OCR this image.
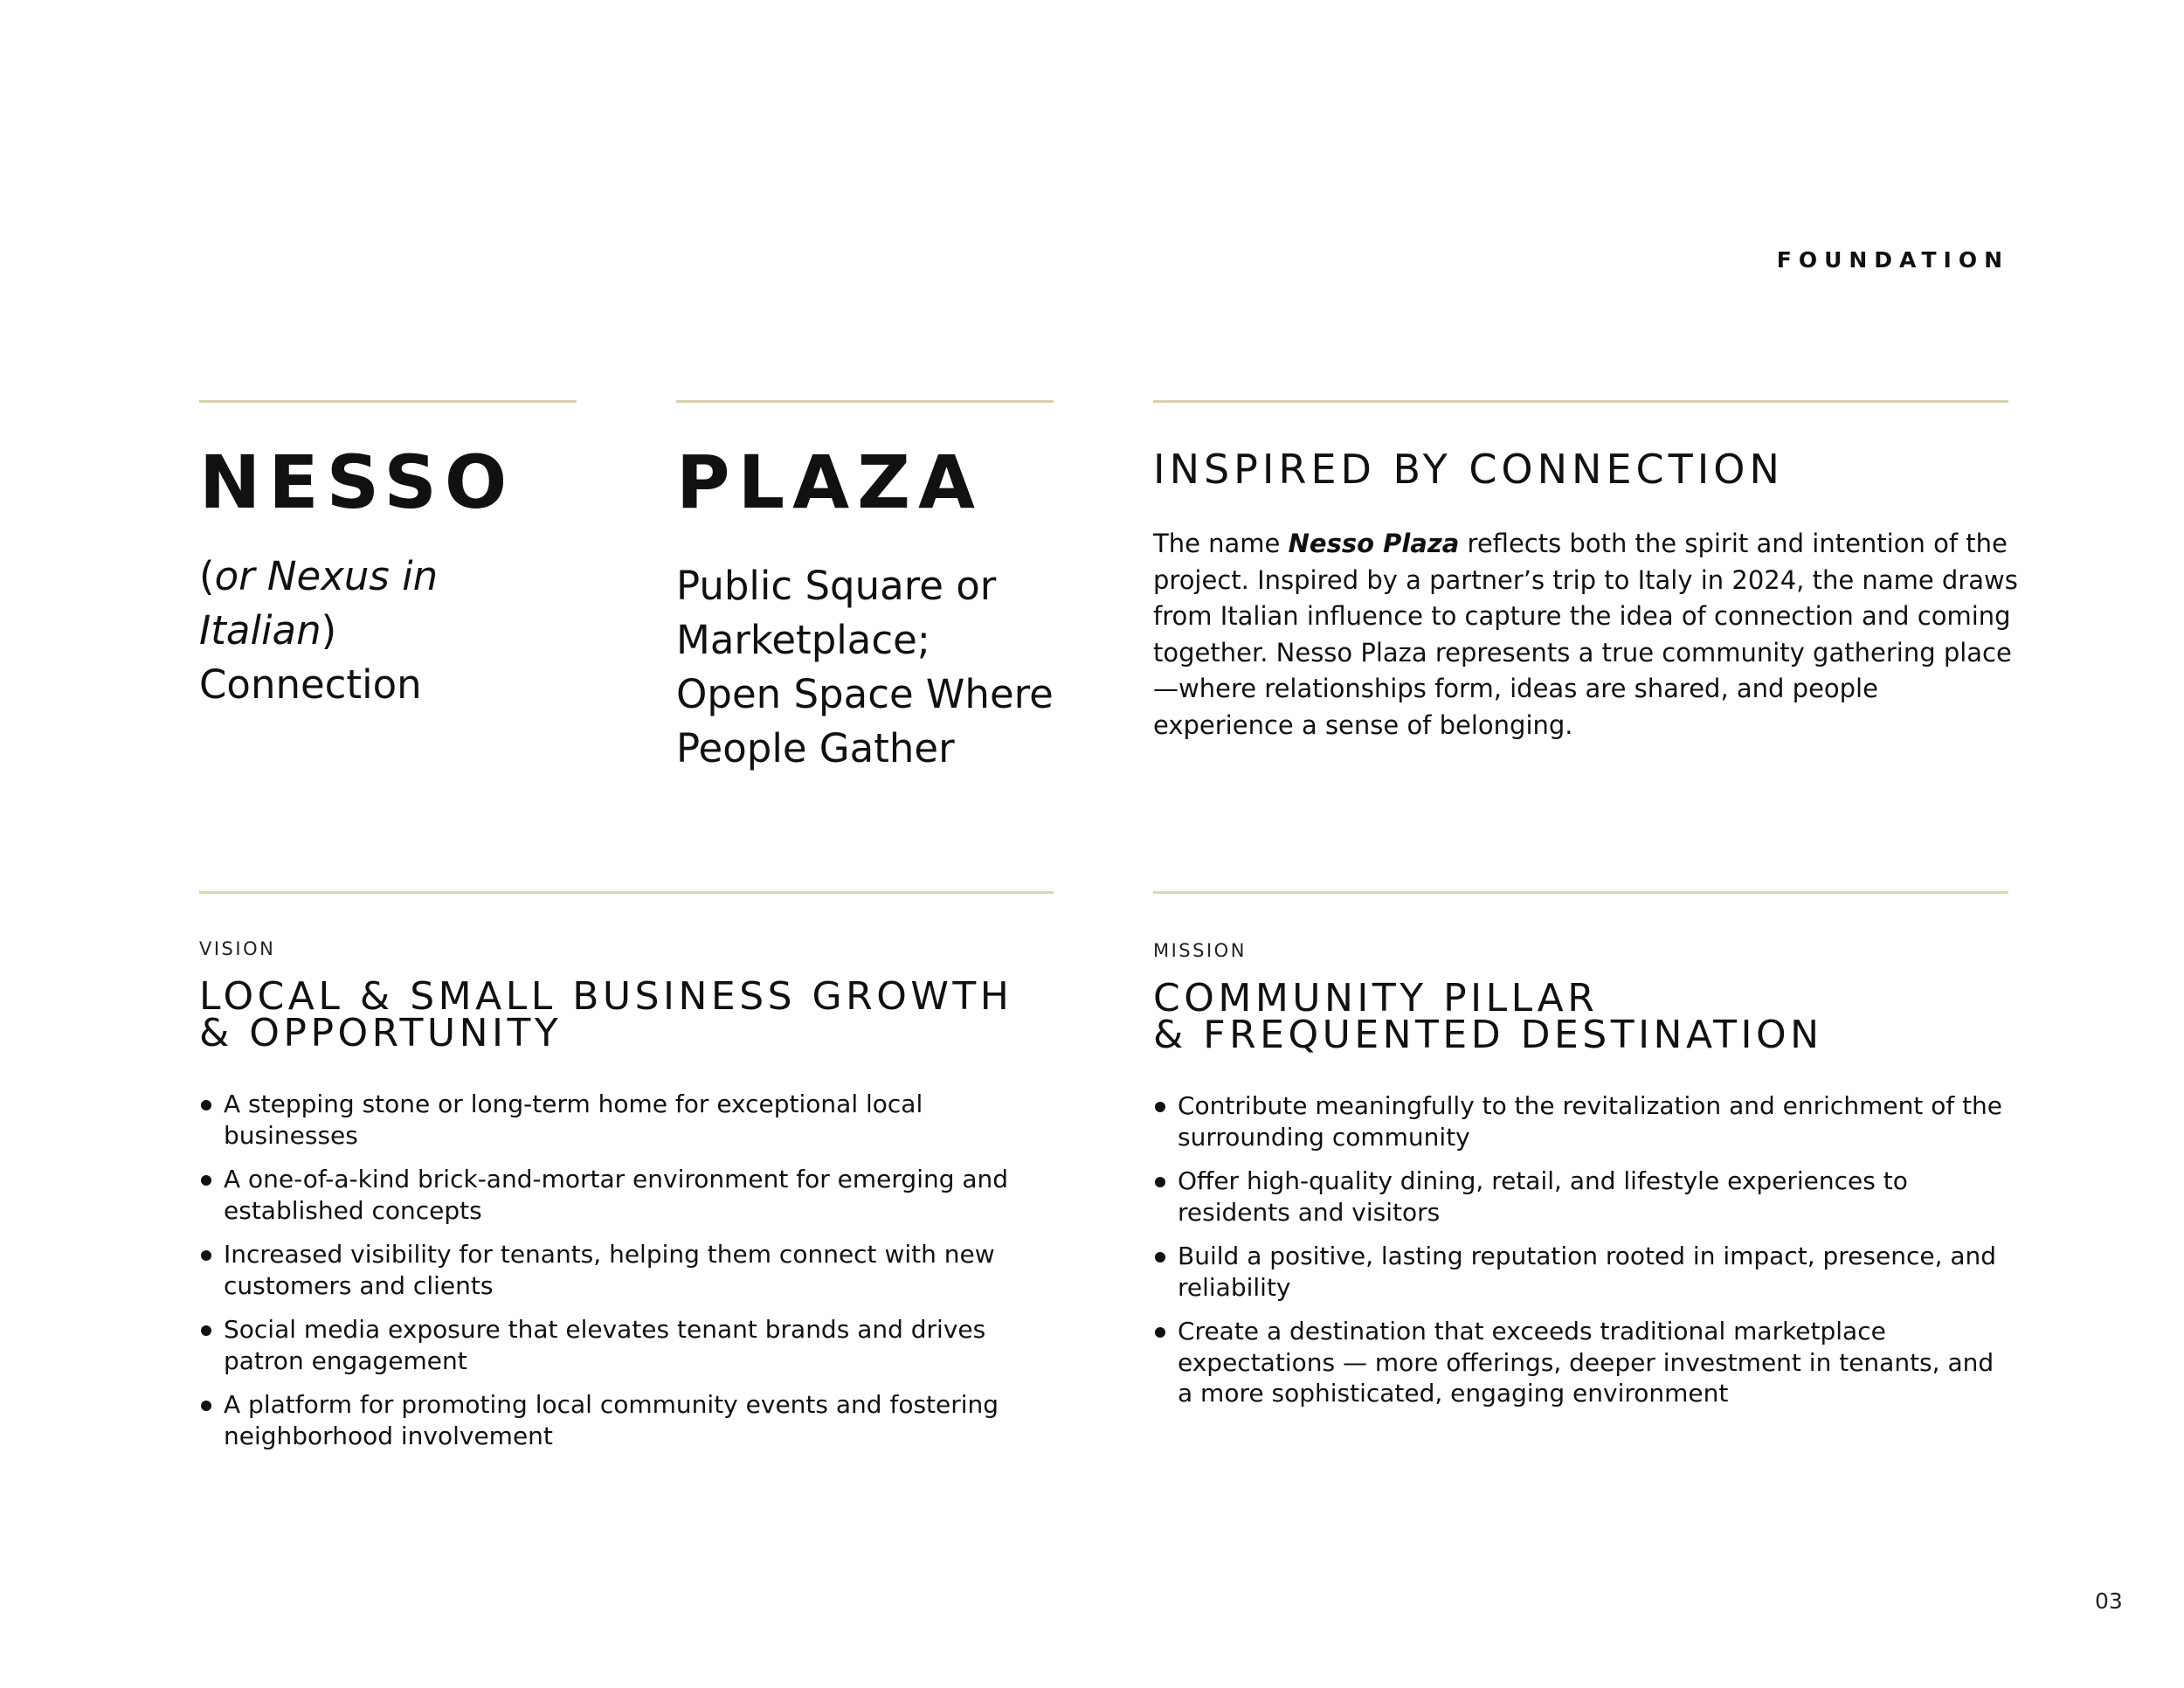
FOUNDATION
NESSO
(or Nexus in Italian)
Connection
PLAZA
Public Square or
Marketplace;
Open Space Where
People Gather
INSPIRED BY CONNECTION
The name Nesso Plaza reflects both the spirit and intention of the project. Inspired by a partner’s trip to Italy in 2024, the name draws from Italian influence to capture the idea of connection and coming together. Nesso Plaza represents a true community gathering place—where relationships form, ideas are shared, and people experience a sense of belonging.
VISION
LOCAL & SMALL BUSINESS GROWTH
& OPPORTUNITY
A stepping stone or long-term home for exceptional local businesses
A one-of-a-kind brick-and-mortar environment for emerging and established concepts
Increased visibility for tenants, helping them connect with new customers and clients
Social media exposure that elevates tenant brands and drives patron engagement
A platform for promoting local community events and fostering neighborhood involvement
MISSION
COMMUNITY PILLAR
& FREQUENTED DESTINATION
Contribute meaningfully to the revitalization and enrichment of the surrounding community
Offer high-quality dining, retail, and lifestyle experiences to residents and visitors
Build a positive, lasting reputation rooted in impact, presence, and reliability
Create a destination that exceeds traditional marketplace expectations — more offerings, deeper investment in tenants, and a more sophisticated, engaging environment
03
